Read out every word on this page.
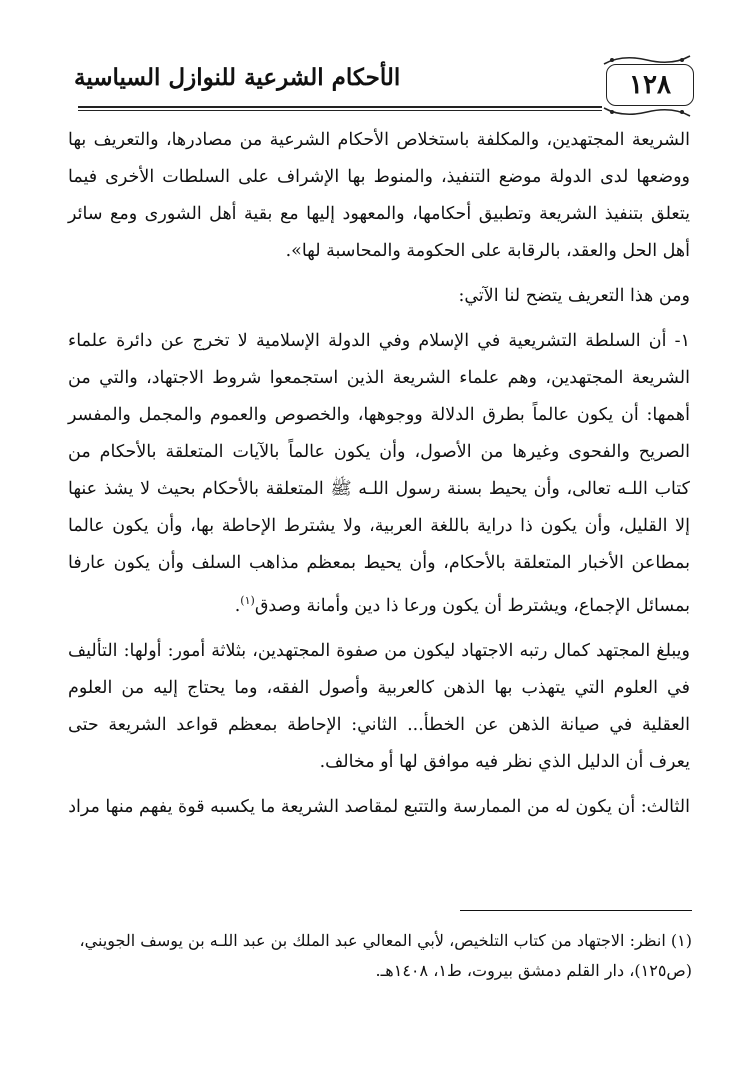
١٢٨
الأحكام الشرعية للنوازل السياسية

الشريعة المجتهدين، والمكلفة باستخلاص الأحكام الشرعية من مصادرها، والتعريف بها ووضعها لدى الدولة موضع التنفيذ، والمنوط بها الإشراف على السلطات الأخرى فيما يتعلق بتنفيذ الشريعة وتطبيق أحكامها، والمعهود إليها مع بقية أهل الشورى ومع سائر أهل الحل والعقد، بالرقابة على الحكومة والمحاسبة لها».

ومن هذا التعريف يتضح لنا الآتي:

١- أن السلطة التشريعية في الإسلام وفي الدولة الإسلامية لا تخرج عن دائرة علماء الشريعة المجتهدين، وهم علماء الشريعة الذين استجمعوا شروط الاجتهاد، والتي من أهمها: أن يكون عالماً بطرق الدلالة ووجوهها، والخصوص والعموم والمجمل والمفسر الصريح والفحوى وغيرها من الأصول، وأن يكون عالماً بالآيات المتعلقة بالأحكام من كتاب اللـه تعالى، وأن يحيط بسنة رسول اللـه ﷺ المتعلقة بالأحكام بحيث لا يشذ عنها إلا القليل، وأن يكون ذا دراية باللغة العربية، ولا يشترط الإحاطة بها، وأن يكون عالما بمطاعن الأخبار المتعلقة بالأحكام، وأن يحيط بمعظم مذاهب السلف وأن يكون عارفا بمسائل الإجماع، ويشترط أن يكون ورعا ذا دين وأمانة وصدق$^{(١)}$.

ويبلغ المجتهد كمال رتبه الاجتهاد ليكون من صفوة المجتهدين، بثلاثة أمور: أولها: التأليف في العلوم التي يتهذب بها الذهن كالعربية وأصول الفقه، وما يحتاج إليه من العلوم العقلية في صيانة الذهن عن الخطأ... الثاني: الإحاطة بمعظم قواعد الشريعة حتى يعرف أن الدليل الذي نظر فيه موافق لها أو مخالف.

الثالث: أن يكون له من الممارسة والتتبع لمقاصد الشريعة ما يكسبه قوة يفهم منها مراد

(١) انظر: الاجتهاد من كتاب التلخيص، لأبي المعالي عبد الملك بن عبد اللـه بن يوسف الجويني،

(ص١٢٥)، دار القلم دمشق بيروت، ط١، ١٤٠٨هـ.
